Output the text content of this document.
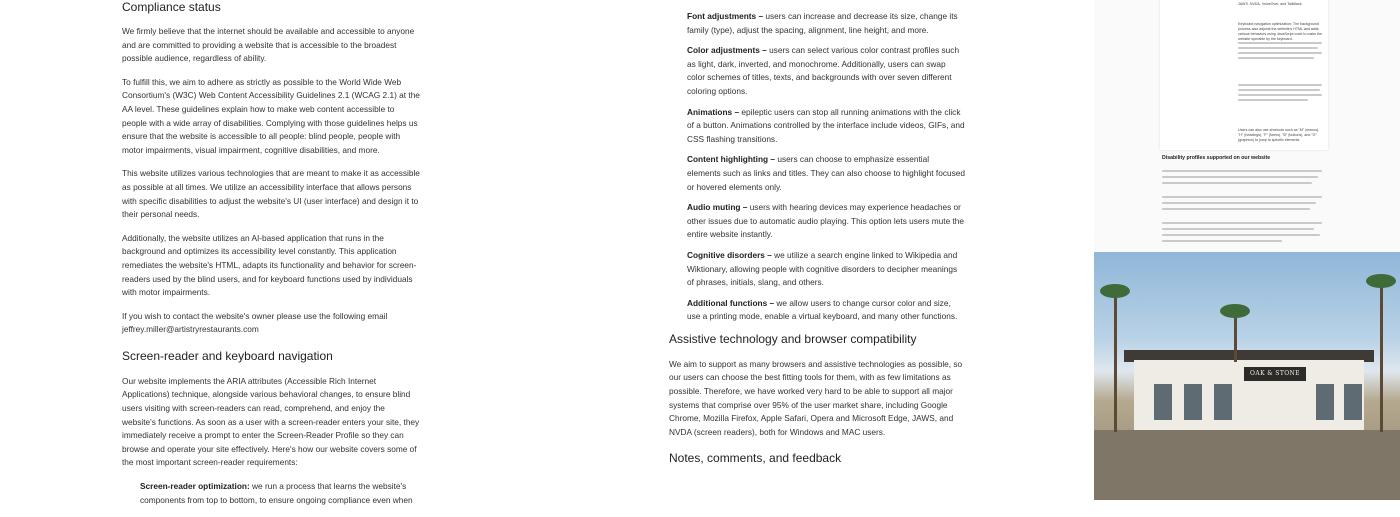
Compliance status

We firmly believe that the internet should be available and accessible to anyone and are committed to providing a website that is accessible to the broadest possible audience, regardless of ability.

To fulfill this, we aim to adhere as strictly as possible to the World Wide Web Consortium's (W3C) Web Content Accessibility Guidelines 2.1 (WCAG 2.1) at the AA level. These guidelines explain how to make web content accessible to people with a wide array of disabilities. Complying with those guidelines helps us ensure that the website is accessible to all people: blind people, people with motor impairments, visual impairment, cognitive disabilities, and more.

This website utilizes various technologies that are meant to make it as accessible as possible at all times. We utilize an accessibility interface that allows persons with specific disabilities to adjust the website's UI (user interface) and design it to their personal needs.

Additionally, the website utilizes an AI-based application that runs in the background and optimizes its accessibility level constantly. This application remediates the website's HTML, adapts its functionality and behavior for screen-readers used by the blind users, and for keyboard functions used by individuals with motor impairments.

If you wish to contact the website's owner please use the following email jeffrey.miller@artistryrestaurants.com

Screen-reader and keyboard navigation

Our website implements the ARIA attributes (Accessible Rich Internet Applications) technique, alongside various behavioral changes, to ensure blind users visiting with screen-readers can read, comprehend, and enjoy the website's functions. As soon as a user with a screen-reader enters your site, they immediately receive a prompt to enter the Screen-Reader Profile so they can browse and operate your site effectively. Here's how our website covers some of the most important screen-reader requirements:

Screen-reader optimization: we run a process that learns the website's components from top to bottom, to ensure ongoing compliance even when

Font adjustments – users can increase and decrease its size, change its family (type), adjust the spacing, alignment, line height, and more.

Color adjustments – users can select various color contrast profiles such as light, dark, inverted, and monochrome. Additionally, users can swap color schemes of titles, texts, and backgrounds with over seven different coloring options.

Animations – epileptic users can stop all running animations with the click of a button. Animations controlled by the interface include videos, GIFs, and CSS flashing transitions.

Content highlighting – users can choose to emphasize essential elements such as links and titles. They can also choose to highlight focused or hovered elements only.

Audio muting – users with hearing devices may experience headaches or other issues due to automatic audio playing. This option lets users mute the entire website instantly.

Cognitive disorders – we utilize a search engine linked to Wikipedia and Wiktionary, allowing people with cognitive disorders to decipher meanings of phrases, initials, slang, and others.

Additional functions – we allow users to change cursor color and size, use a printing mode, enable a virtual keyboard, and many other functions.

Assistive technology and browser compatibility

We aim to support as many browsers and assistive technologies as possible, so our users can choose the best fitting tools for them, with as few limitations as possible. Therefore, we have worked very hard to be able to support all major systems that comprise over 95% of the user market share, including Google Chrome, Mozilla Firefox, Apple Safari, Opera and Microsoft Edge, JAWS, and NVDA (screen readers), both for Windows and MAC users.

Notes, comments, and feedback
JAWS, NVDA, VoiceOver, and TalkBack.
Keyboard navigation optimization: The background process also adjusts the website's HTML and adds various behaviors using JavaScript code to make the website operable by the keyboard.
Users can also use shortcuts such as "M" (menus), "H" (headings), "F" (forms), "B" (buttons), and "G" (graphics) to jump to specific elements.
Disability profiles supported on our website
OAK & STONE
